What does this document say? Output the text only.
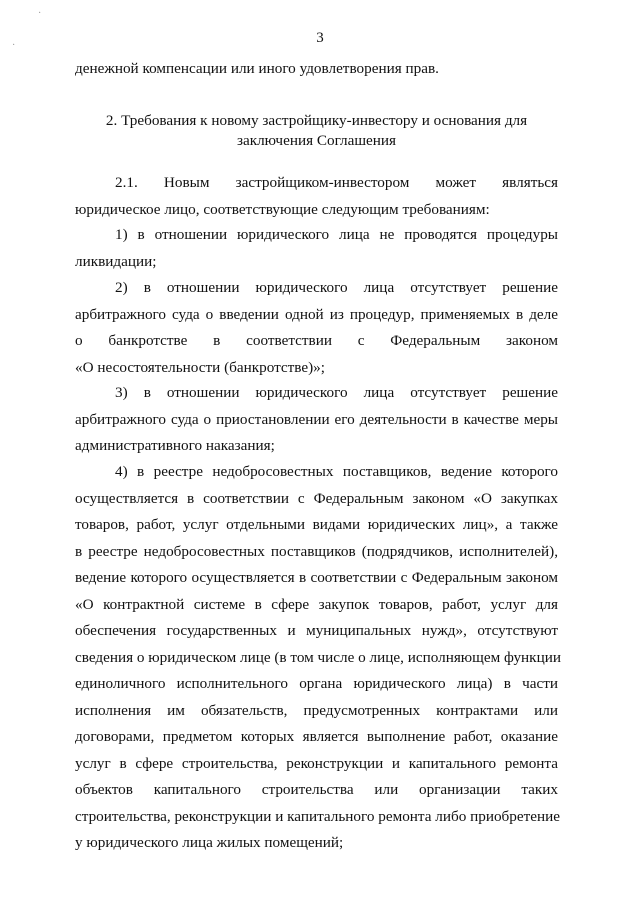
·
·	3
денежной компенсации или иного удовлетворения прав.
2. Требования к новому застройщику-инвестору и основания для
заключения Соглашения
2.1. Новым застройщиком-инвестором может являться
юридическое лицо, соответствующие следующим требованиям:
1) в отношении юридического лица не проводятся процедуры
ликвидации;
2) в отношении юридического лица отсутствует решение
арбитражного суда о введении одной из процедур, применяемых в деле
о банкротстве в соответствии с Федеральным законом
«О несостоятельности (банкротстве)»;
3) в отношении юридического лица отсутствует решение
арбитражного суда о приостановлении его деятельности в качестве меры
административного наказания;
4) в реестре недобросовестных поставщиков, ведение которого
осуществляется в соответствии с Федеральным законом «О закупках
товаров, работ, услуг отдельными видами юридических лиц», а также
в реестре недобросовестных поставщиков (подрядчиков, исполнителей),
ведение которого осуществляется в соответствии с Федеральным законом
«О контрактной системе в сфере закупок товаров, работ, услуг для
обеспечения государственных и муниципальных нужд», отсутствуют
сведения о юридическом лице (в том числе о лице, исполняющем функции
единоличного исполнительного органа юридического лица) в части
исполнения им обязательств, предусмотренных контрактами или
договорами, предметом которых является выполнение работ, оказание
услуг в сфере строительства, реконструкции и капитального ремонта
объектов капитального строительства или организации таких
строительства, реконструкции и капитального ремонта либо приобретение
у юридического лица жилых помещений;
